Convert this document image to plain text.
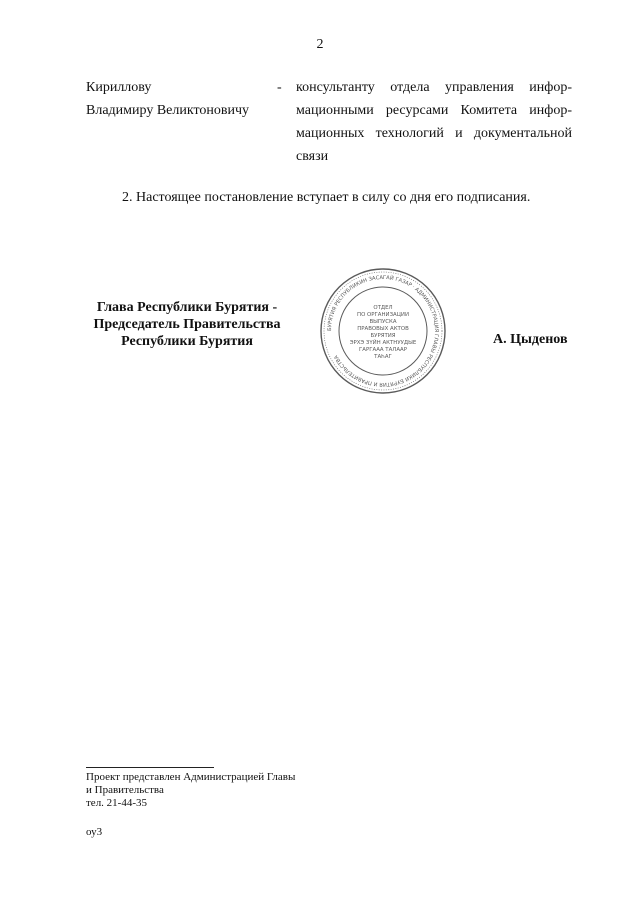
2
Кириллову
Владимиру Великтоновичу
- консультанту отдела управления инфор-
мационными ресурсами Комитета инфор-
мационных технологий и документальной
связи
2. Настоящее постановление вступает в силу со дня его подписания.
Глава Республики Бурятия -
Председатель Правительства
Республики Бурятия
БУРЯТИЯ РЕСПУБЛИКИН ЗАСАГАЙ ГАЗАР · АДМИНИСТРАЦИЯ ГЛАВЫ РЕСПУБЛИКИ БУРЯТИЯ И ПРАВИТЕЛЬСТВА
ОТДЕЛ
ПО ОРГАНИЗАЦИИ
ВЫПУСКА
ПРАВОВЫХ АКТОВ
БУРЯТИЯ
ЭРХЭ ЗҮЙН АКТНУУДЫЕ
ГАРГААА ТАЛААР
ТАҺАГ
А. Цыденов
Проект представлен Администрацией Главы
и Правительства
тел. 21-44-35
оу3
